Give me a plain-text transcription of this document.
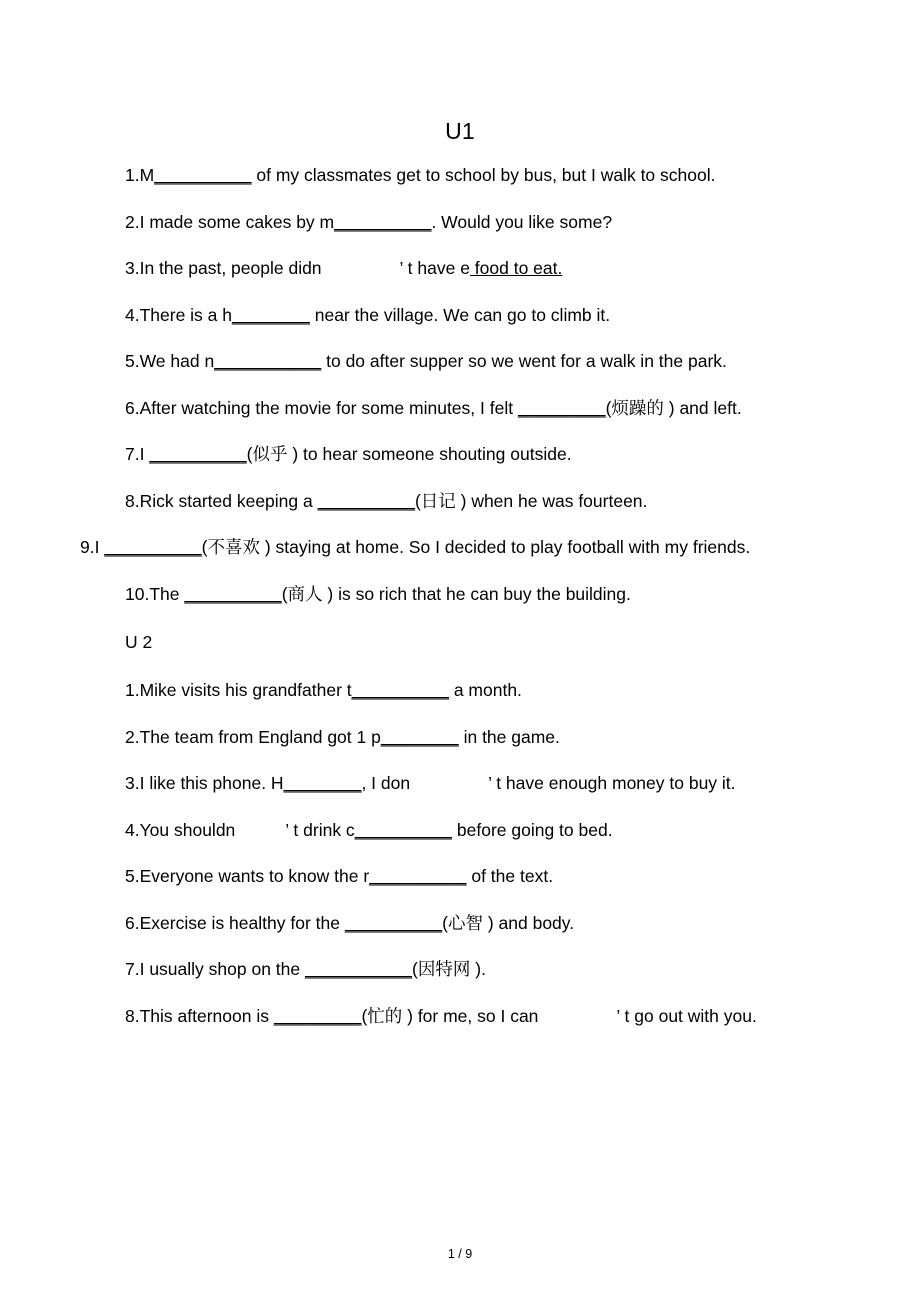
U1

1.M__________ of my classmates get to school by bus, but I walk to school.

2.I made some cakes by m__________. Would you like some?

3.In the past, people didn	’ t have e food to eat.

4.There is a h________ near the village. We can go to climb it.

5.We had n___________ to do after supper so we went for a walk in the park.

6.After watching the movie for some minutes, I felt _________(烦躁的 ) and left.

7.I __________(似乎 ) to hear someone shouting outside.

8.Rick started keeping a __________(日记 ) when he was fourteen.

9.I __________(不喜欢 ) staying at home. So I decided to play football with my friends.

10.The __________(商人 ) is so rich that he can buy the building.

U 2

1.Mike visits his grandfather t__________ a month.

2.The team from England got 1 p________ in the game.

3.I like this phone. H________, I don	’ t have enough money to buy it.

4.You shouldn	’ t drink c__________ before going to bed.

5.Everyone wants to know the r__________ of the text.

6.Exercise is healthy for the __________(心智 ) and body.

7.I usually shop on the ___________(因特网 ).

8.This afternoon is _________(忙的 ) for me, so I can	’ t go out with you.

1 / 9
